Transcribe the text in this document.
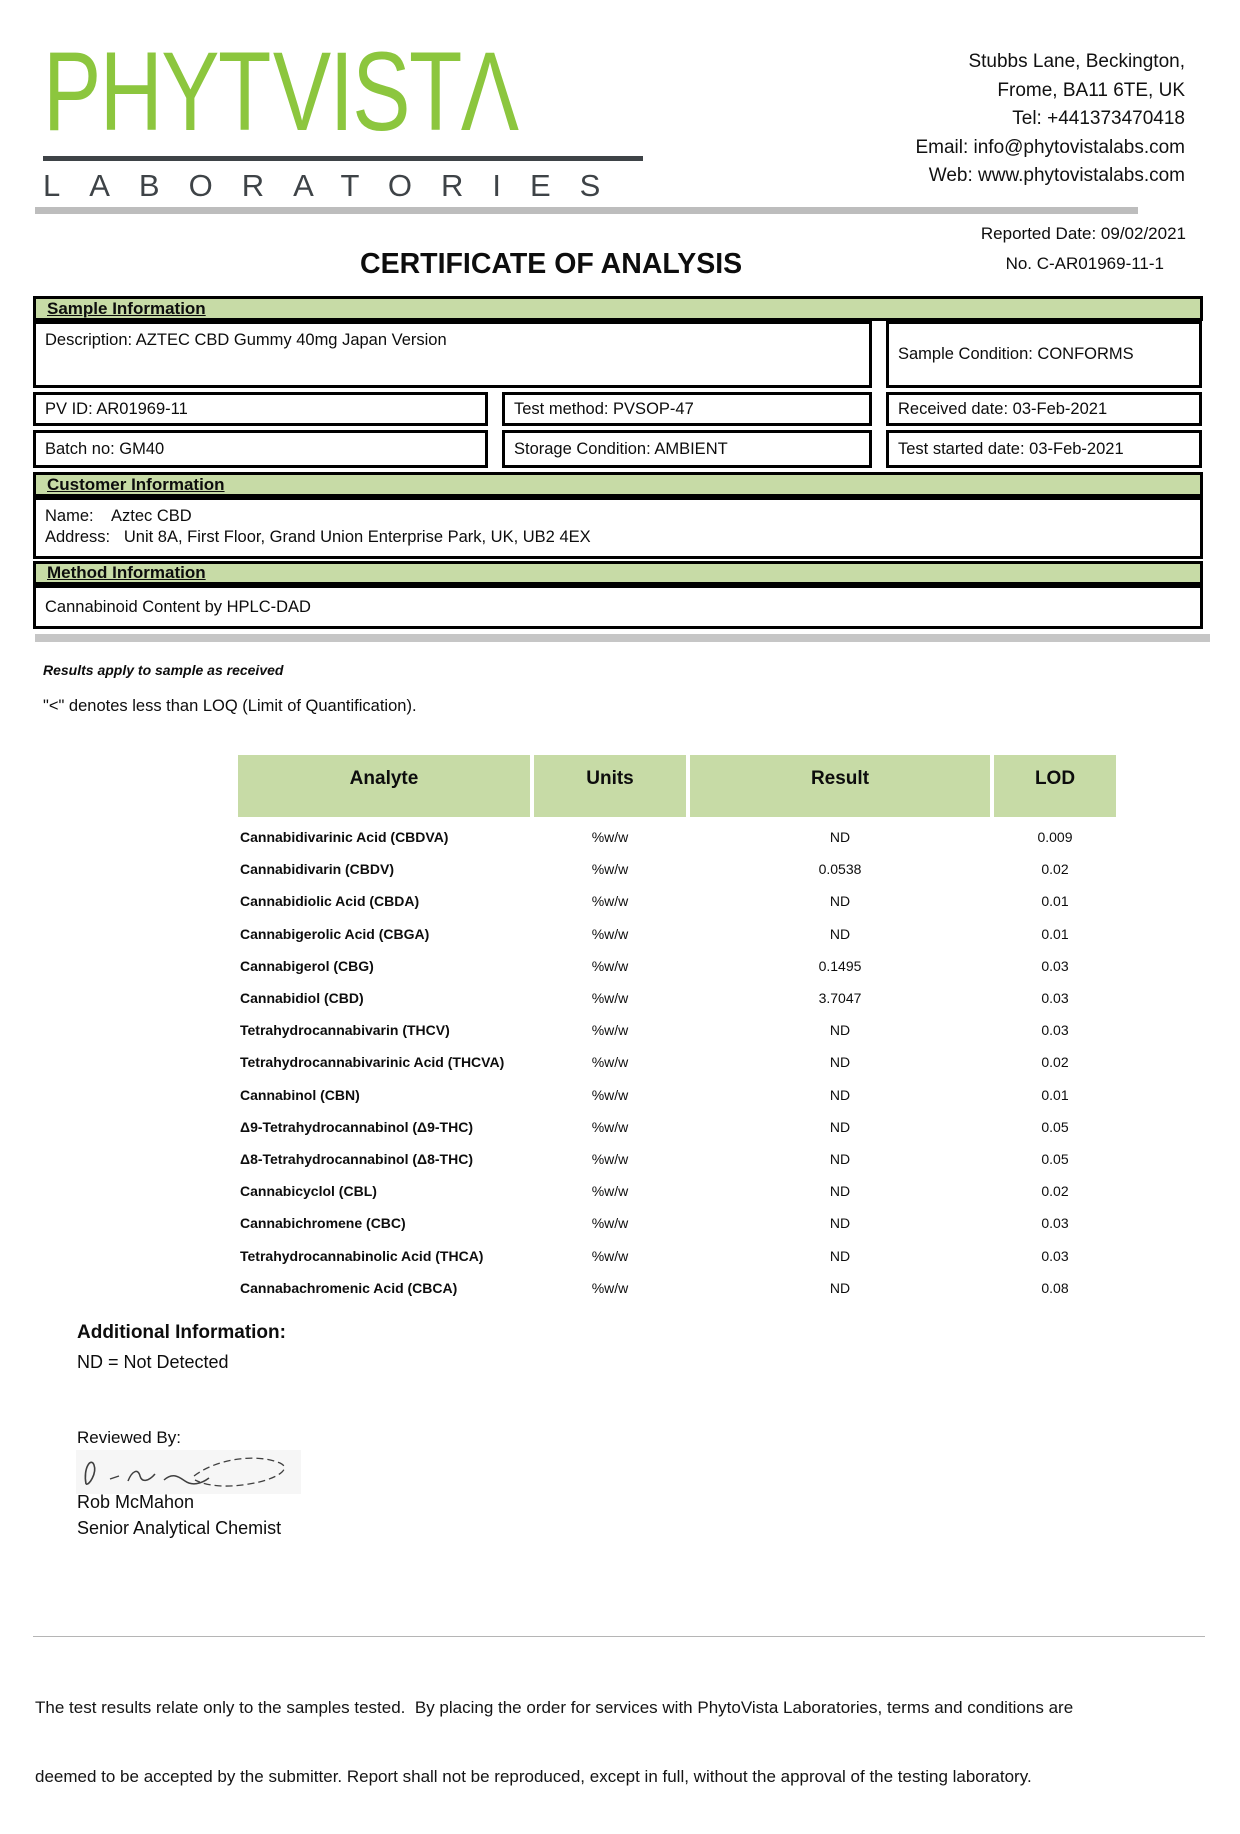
PHYT VIST Λ
LABORATORIES
Stubbs Lane, Beckington,
Frome, BA11 6TE, UK
Tel: +441373470418
Email: info@phytovistalabs.com
Web: www.phytovistalabs.com
Reported Date: 09/02/2021
CERTIFICATE OF ANALYSIS	No. C-AR01969-11-1
Sample Information
Description: AZTEC CBD Gummy 40mg Japan Version
Sample Condition: CONFORMS
PV ID: AR01969-11	Test method: PVSOP-47	Received date: 03-Feb-2021
Batch no: GM40	Storage Condition: AMBIENT	Test started date: 03-Feb-2021
Customer Information
Name:    Aztec CBD
Address:   Unit 8A, First Floor, Grand Union Enterprise Park, UK, UB2 4EX
Method Information
Cannabinoid Content by HPLC-DAD
Results apply to sample as received
"<" denotes less than LOQ (Limit of Quantification).
Analyte	Units	Result	LOD
Cannabidivarinic Acid (CBDVA)	%w/w	ND	0.009
Cannabidivarin (CBDV)	%w/w	0.0538	0.02
Cannabidiolic Acid (CBDA)	%w/w	ND	0.01
Cannabigerolic Acid (CBGA)	%w/w	ND	0.01
Cannabigerol (CBG)	%w/w	0.1495	0.03
Cannabidiol (CBD)	%w/w	3.7047	0.03
Tetrahydrocannabivarin (THCV)	%w/w	ND	0.03
Tetrahydrocannabivarinic Acid (THCVA)	%w/w	ND	0.02
Cannabinol (CBN)	%w/w	ND	0.01
Δ9-Tetrahydrocannabinol (Δ9-THC)	%w/w	ND	0.05
Δ8-Tetrahydrocannabinol (Δ8-THC)	%w/w	ND	0.05
Cannabicyclol (CBL)	%w/w	ND	0.02
Cannabichromene (CBC)	%w/w	ND	0.03
Tetrahydrocannabinolic Acid (THCA)	%w/w	ND	0.03
Cannabachromenic Acid (CBCA)	%w/w	ND	0.08
Additional Information:
ND = Not Detected
Reviewed By:
Rob McMahon
Senior Analytical Chemist

The test results relate only to the samples tested.  By placing the order for services with PhytoVista Laboratories, terms and conditions are

deemed to be accepted by the submitter. Report shall not be reproduced, except in full, without the approval of the testing laboratory.
